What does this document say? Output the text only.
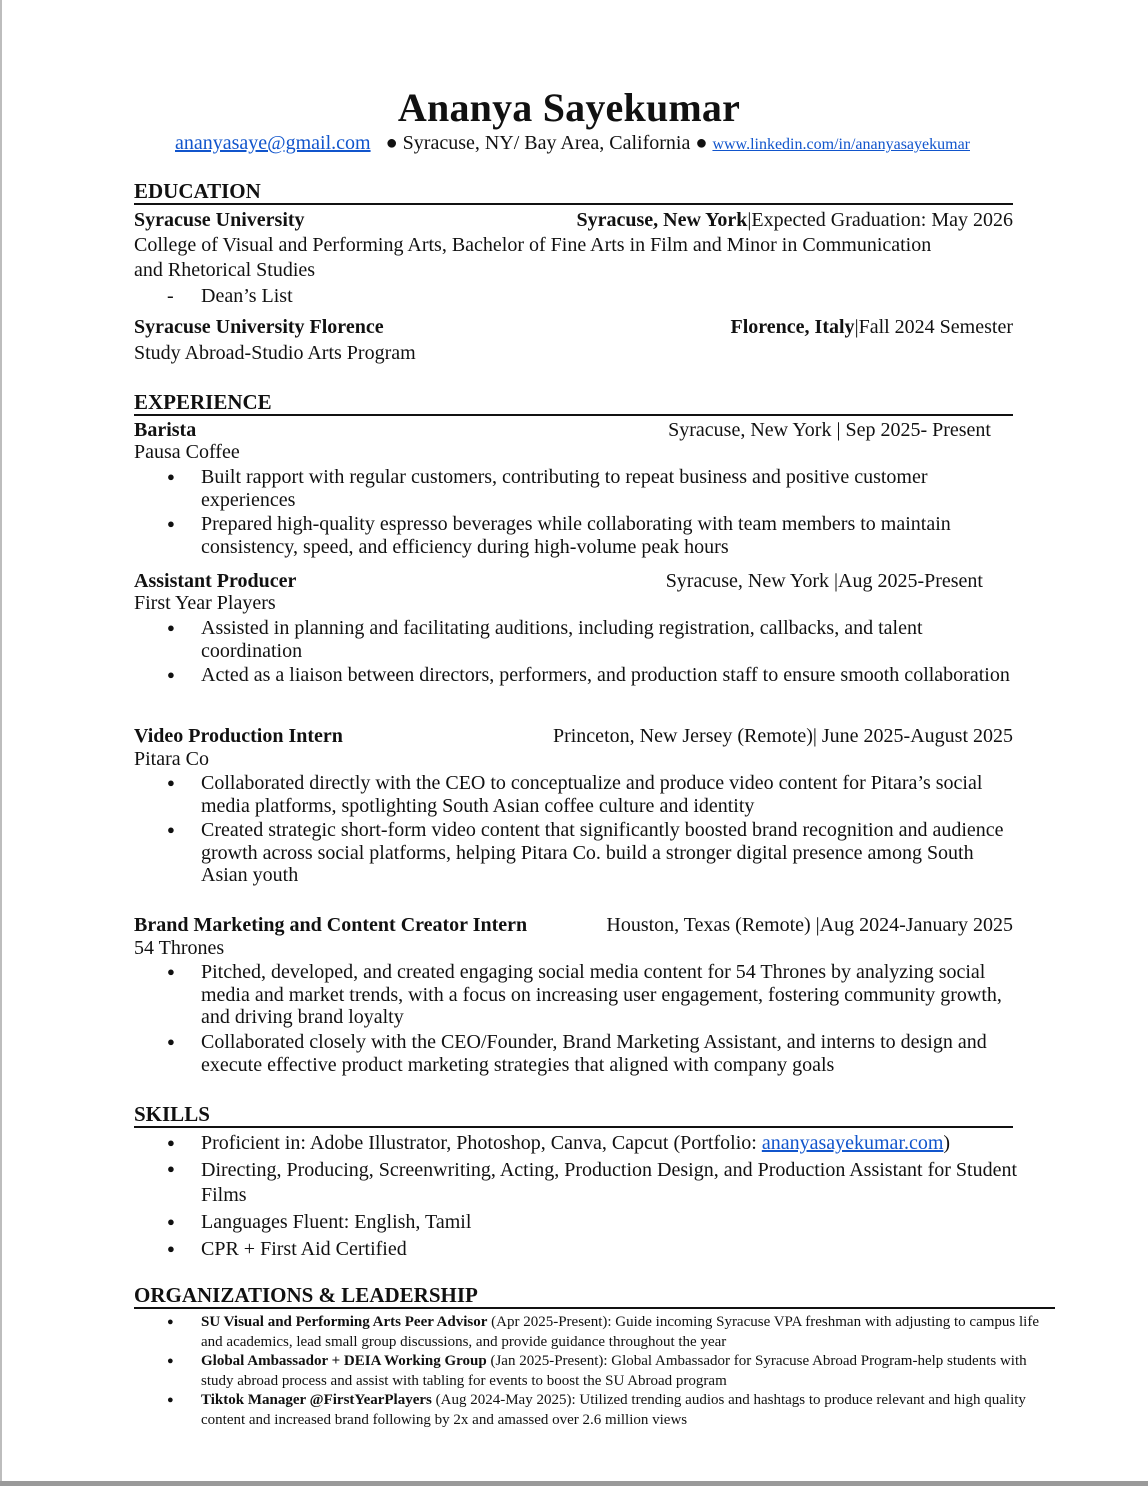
Ananya Sayekumar
ananyasaye@gmail.com ● Syracuse, NY/ Bay Area, California ● www.linkedin.com/in/ananyasayekumar
EDUCATION
Syracuse University	Syracuse, New York|Expected Graduation: May 2026
College of Visual and Performing Arts, Bachelor of Fine Arts in Film and Minor in Communication
and Rhetorical Studies
-	Dean’s List
Syracuse University Florence	Florence, Italy|Fall 2024 Semester
Study Abroad-Studio Arts Program
EXPERIENCE
Barista	Syracuse, New York | Sep 2025- Present
Pausa Coffee
●	Built rapport with regular customers, contributing to repeat business and positive customer experiences
●	Prepared high-quality espresso beverages while collaborating with team members to maintain consistency, speed, and efficiency during high-volume peak hours
Assistant Producer	Syracuse, New York |Aug 2025-Present
First Year Players
●	Assisted in planning and facilitating auditions, including registration, callbacks, and talent coordination
●	Acted as a liaison between directors, performers, and production staff to ensure smooth collaboration
Video Production Intern	Princeton, New Jersey (Remote)| June 2025-August 2025
Pitara Co
●	Collaborated directly with the CEO to conceptualize and produce video content for Pitara’s social media platforms, spotlighting South Asian coffee culture and identity
●	Created strategic short-form video content that significantly boosted brand recognition and audience growth across social platforms, helping Pitara Co. build a stronger digital presence among South Asian youth
Brand Marketing and Content Creator Intern	Houston, Texas (Remote) |Aug 2024-January 2025
54 Thrones
●	Pitched, developed, and created engaging social media content for 54 Thrones by analyzing social media and market trends, with a focus on increasing user engagement, fostering community growth, and driving brand loyalty
●	Collaborated closely with the CEO/Founder, Brand Marketing Assistant, and interns to design and execute effective product marketing strategies that aligned with company goals
SKILLS
●	Proficient in: Adobe Illustrator, Photoshop, Canva, Capcut (Portfolio: ananyasayekumar.com)
●	Directing, Producing, Screenwriting, Acting, Production Design, and Production Assistant for Student Films
●	Languages Fluent: English, Tamil
●	CPR + First Aid Certified
ORGANIZATIONS & LEADERSHIP
●	SU Visual and Performing Arts Peer Advisor (Apr 2025-Present): Guide incoming Syracuse VPA freshman with adjusting to campus life and academics, lead small group discussions, and provide guidance throughout the year
●	Global Ambassador + DEIA Working Group (Jan 2025-Present): Global Ambassador for Syracuse Abroad Program-help students with study abroad process and assist with tabling for events to boost the SU Abroad program
●	Tiktok Manager @FirstYearPlayers (Aug 2024-May 2025): Utilized trending audios and hashtags to produce relevant and high quality content and increased brand following by 2x and amassed over 2.6 million views
